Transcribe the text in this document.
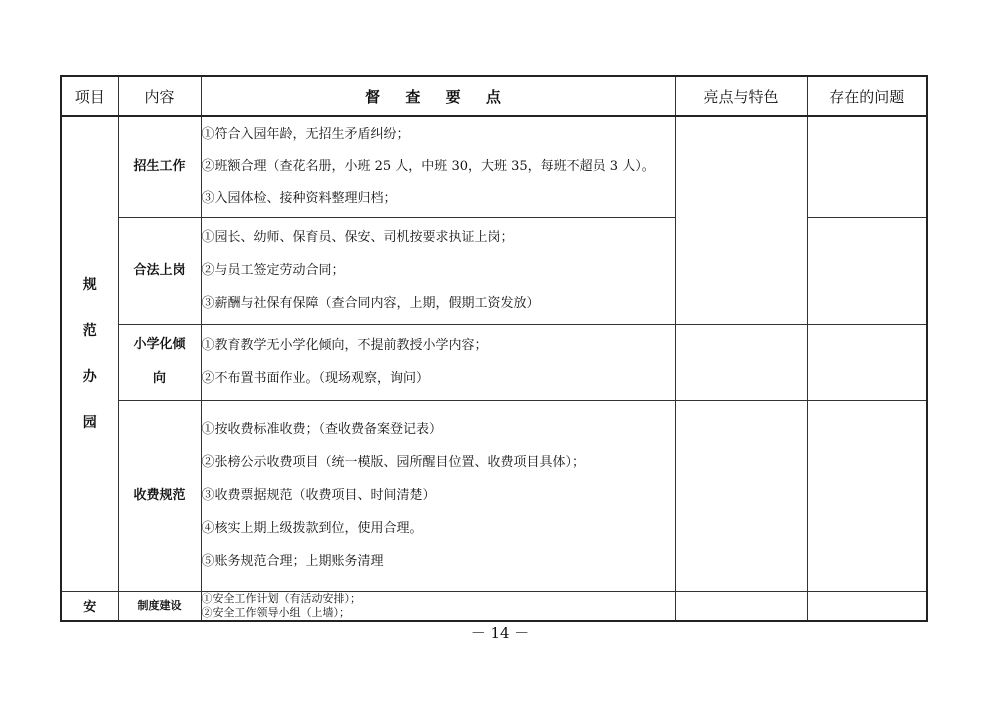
项目	内容	督 查 要 点	亮点与特色	存在的问题

规
范
办
园	招生工作	①符合入园年龄，无招生矛盾纠纷；
②班额合理（查花名册，小班 25 人，中班 30，大班 35，每班不超员 3 人）。
③入园体检、接种资料整理归档；		

	合法上岗	①园长、幼师、保育员、保安、司机按要求执证上岗；
②与员工签定劳动合同；
③薪酬与社保有保障（查合同内容，上期，假期工资发放）		

	小学化倾
向	①教育教学无小学化倾向，不提前教授小学内容；
②不布置书面作业。（现场观察，询问）		

	收费规范	①按收费标准收费；（查收费备案登记表）
②张榜公示收费项目（统一模版、园所醒目位置、收费项目具体）；
③收费票据规范（收费项目、时间清楚）
④核实上期上级拨款到位，使用合理。
⑤账务规范合理；上期账务清理		

安	制度建设	①安全工作计划（有活动安排）；
②安全工作领导小组（上墙）；		

－ 14 －
